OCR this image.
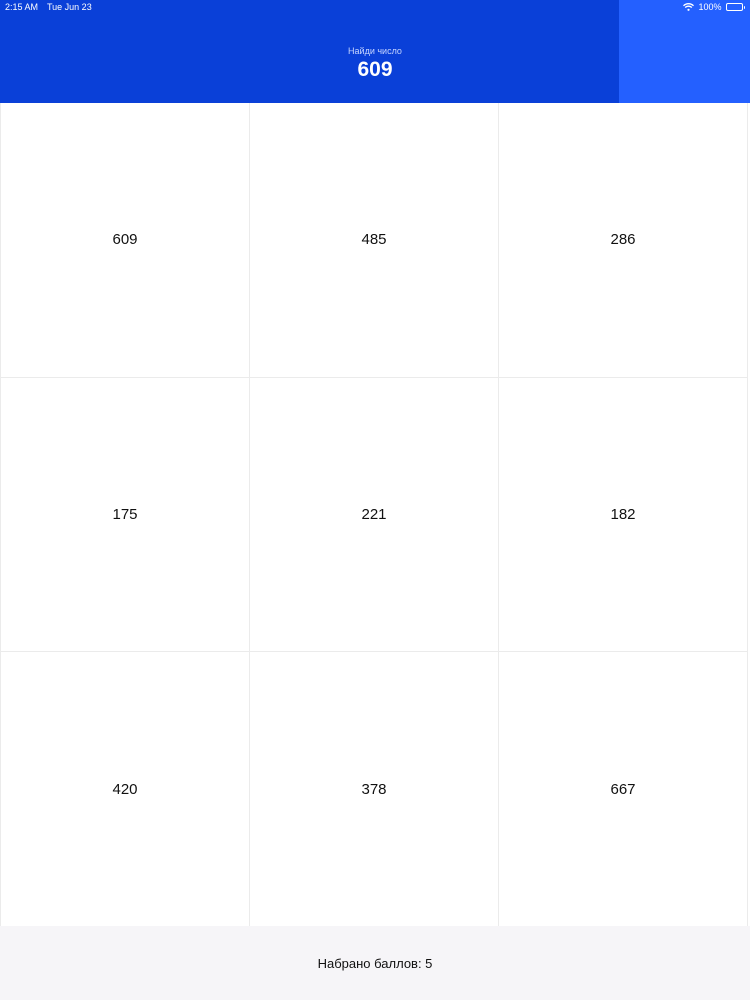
2:15 AM Tue Jun 23	100%
Найди число
609
609	485	286
175	221	182
420	378	667
Набрано баллов: 5
